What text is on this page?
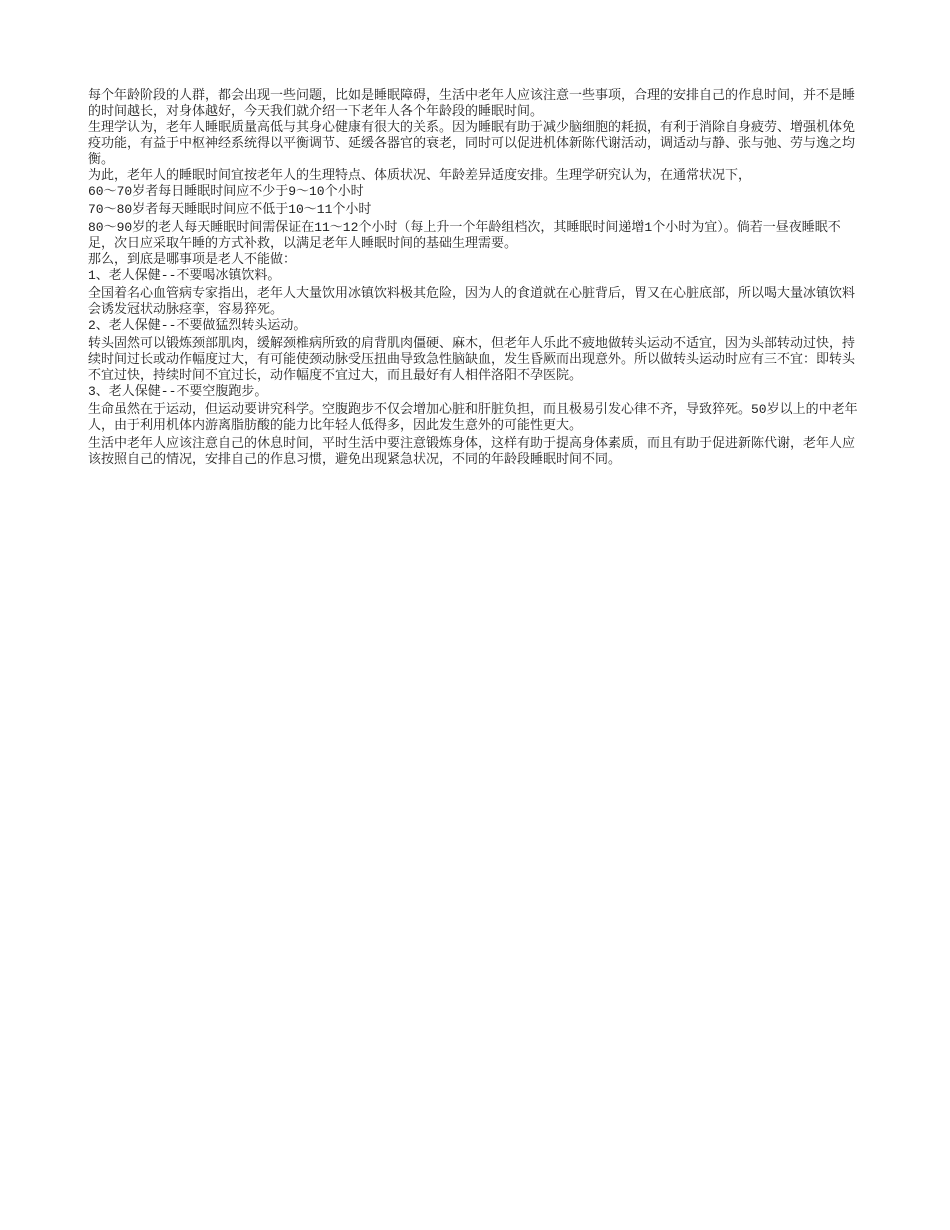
每个年龄阶段的人群，都会出现一些问题，比如是睡眠障碍，生活中老年人应该注意一些事项，合理的安排自己的作息时间，并不是睡的时间越长，对身体越好，今天我们就介绍一下老年人各个年龄段的睡眠时间。

生理学认为，老年人睡眠质量高低与其身心健康有很大的关系。因为睡眠有助于减少脑细胞的耗损，有利于消除自身疲劳、增强机体免疫功能，有益于中枢神经系统得以平衡调节、延缓各器官的衰老，同时可以促进机体新陈代谢活动，调适动与静、张与弛、劳与逸之均衡。

为此，老年人的睡眠时间宜按老年人的生理特点、体质状况、年龄差异适度安排。生理学研究认为，在通常状况下，

60～70岁者每日睡眠时间应不少于9～10个小时

70～80岁者每天睡眠时间应不低于10～11个小时

80～90岁的老人每天睡眠时间需保证在11～12个小时（每上升一个年龄组档次，其睡眠时间递增1个小时为宜）。倘若一昼夜睡眠不足，次日应采取午睡的方式补救，以满足老年人睡眠时间的基础生理需要。

那么，到底是哪事项是老人不能做：

1、老人保健--不要喝冰镇饮料。

全国着名心血管病专家指出，老年人大量饮用冰镇饮料极其危险，因为人的食道就在心脏背后，胃又在心脏底部，所以喝大量冰镇饮料会诱发冠状动脉痉挛，容易猝死。

2、老人保健--不要做猛烈转头运动。

转头固然可以锻炼颈部肌肉，缓解颈椎病所致的肩背肌肉僵硬、麻木，但老年人乐此不疲地做转头运动不适宜，因为头部转动过快，持续时间过长或动作幅度过大，有可能使颈动脉受压扭曲导致急性脑缺血，发生昏厥而出现意外。所以做转头运动时应有三不宜：即转头不宜过快，持续时间不宜过长，动作幅度不宜过大，而且最好有人相伴洛阳不孕医院。

3、老人保健--不要空腹跑步。

生命虽然在于运动，但运动要讲究科学。空腹跑步不仅会增加心脏和肝脏负担，而且极易引发心律不齐，导致猝死。50岁以上的中老年人，由于利用机体内游离脂肪酸的能力比年轻人低得多，因此发生意外的可能性更大。

生活中老年人应该注意自己的休息时间，平时生活中要注意锻炼身体，这样有助于提高身体素质，而且有助于促进新陈代谢，老年人应该按照自己的情况，安排自己的作息习惯，避免出现紧急状况，不同的年龄段睡眠时间不同。
